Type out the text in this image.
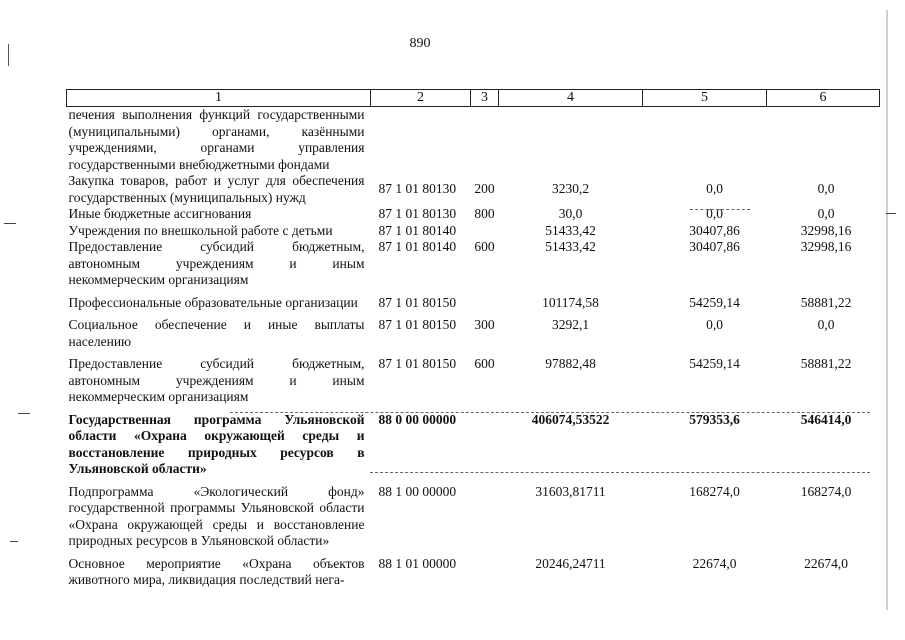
890
1	2	3	4	5	6
печения выполнения функций государственными (муниципальными) органами, казёнными учреждениями, органами управления государственными внебюджетными фондами					
Закупка товаров, работ и услуг для обеспечения государственных (муниципальных) нужд	87 1 01 80130	200	3230,2	0,0	0,0
Иные бюджетные ассигнования	87 1 01 80130	800	30,0	0,0	0,0
Учреждения по внешкольной работе с детьми	87 1 01 80140		51433,42	30407,86	32998,16
Предоставление субсидий бюджетным, автономным учреждениям и иным некоммерческим организациям	87 1 01 80140	600	51433,42	30407,86	32998,16
Профессиональные образовательные организации	87 1 01 80150		101174,58	54259,14	58881,22
Социальное обеспечение и иные выплаты населению	87 1 01 80150	300	3292,1	0,0	0,0
Предоставление субсидий бюджетным, автономным учреждениям и иным некоммерческим организациям	87 1 01 80150	600	97882,48	54259,14	58881,22
Государственная программа Ульяновской области «Охрана окружающей среды и восстановление природных ресурсов в Ульяновской области»	88 0 00 00000		406074,53522	579353,6	546414,0
Подпрограмма «Экологический фонд» государственной программы Ульяновской области «Охрана окружающей среды и восстановление природных ресурсов в Ульяновской области»	88 1 00 00000		31603,81711	168274,0	168274,0
Основное мероприятие «Охрана объектов животного мира, ликвидация последствий нега-	88 1 01 00000		20246,24711	22674,0	22674,0
